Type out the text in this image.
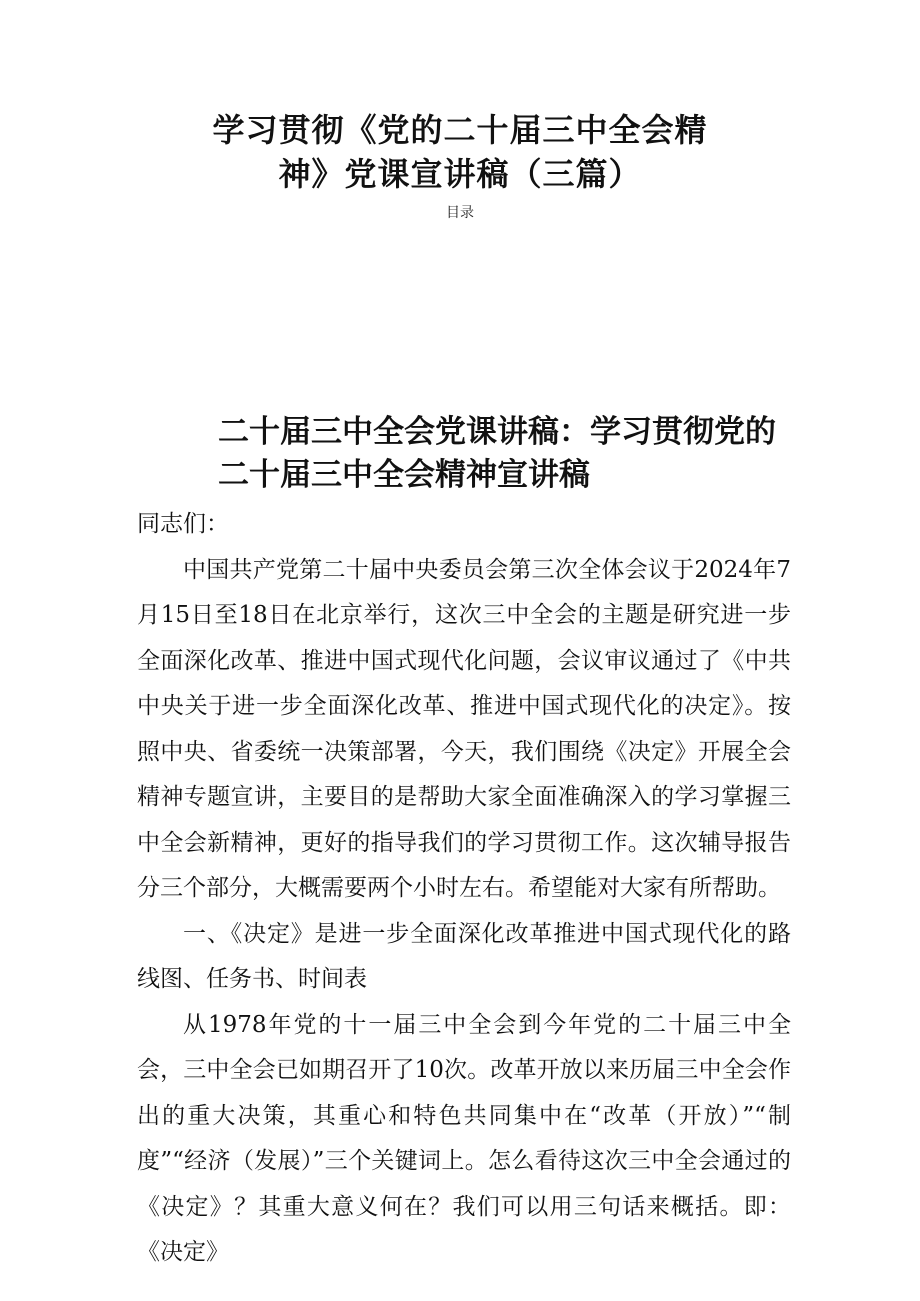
学习贯彻《党的二十届三中全会精
神》党课宣讲稿（三篇）
目录
二十届三中全会党课讲稿：学习贯彻党的
二十届三中全会精神宣讲稿

同志们：

中国共产党第二十届中央委员会第三次全体会议于2024年7月15日至18日在北京举行，这次三中全会的主题是研究进一步全面深化改革、推进中国式现代化问题，会议审议通过了《中共中央关于进一步全面深化改革、推进中国式现代化的决定》。按照中央、省委统一决策部署，今天，我们围绕《决定》开展全会精神专题宣讲，主要目的是帮助大家全面准确深入的学习掌握三中全会新精神，更好的指导我们的学习贯彻工作。这次辅导报告分三个部分，大概需要两个小时左右。希望能对大家有所帮助。

一、《决定》是进一步全面深化改革推进中国式现代化的路线图、任务书、时间表

从1978年党的十一届三中全会到今年党的二十届三中全会，三中全会已如期召开了10次。改革开放以来历届三中全会作出的重大决策，其重心和特色共同集中在“改革（开放）”“制度”“经济（发展）”三个关键词上。怎么看待这次三中全会通过的《决定》？其重大意义何在？我们可以用三句话来概括。即：《决定》
